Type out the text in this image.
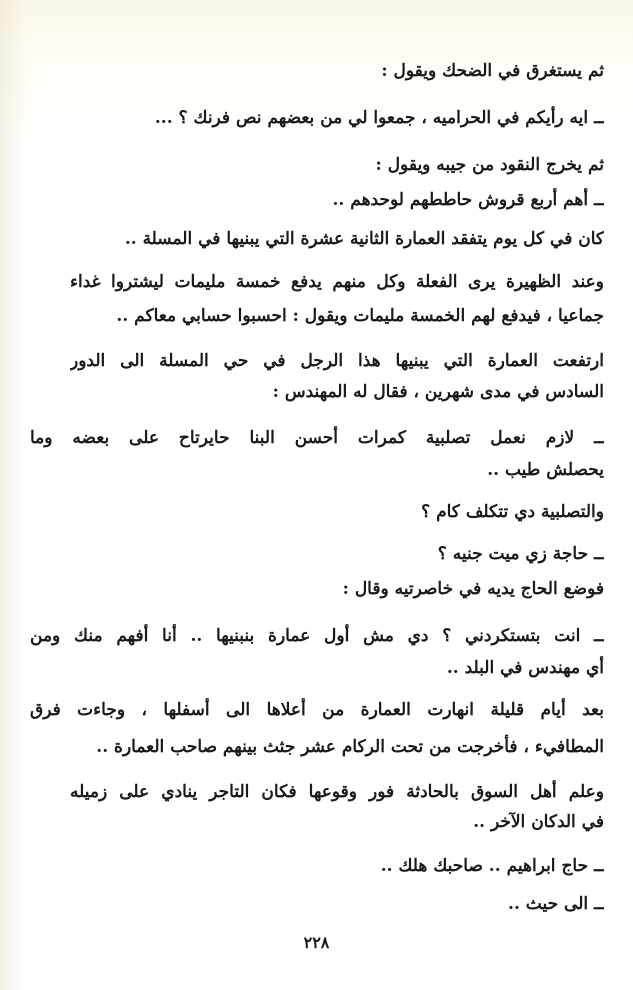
ثم يستغرق في الضحك ويقول :
ــ ايه رأيكم في الحراميه ، جمعوا لي من بعضهم نص فرنك ؟ ...
ثم يخرج النقود من جيبه ويقول :
ــ أهم أربع قروش حاططهم لوحدهم ..
كان في كل يوم يتفقد العمارة الثانية عشرة التي يبنيها في المسلة ..
وعند الظهيرة يرى الفعلة وكل منهم يدفع خمسة مليمات ليشتروا غداء
جماعيا ، فيدفع لهم الخمسة مليمات ويقول : احسبوا حسابي معاكم ..
ارتفعت العمارة التي يبنيها هذا الرجل في حي المسلة الى الدور
السادس في مدى شهرين ، فقال له المهندس :
ــ لازم نعمل تصلبية كمرات أحسن البنا حايرتاح على بعضه وما
يحصلش طيب ..
والتصلبية دي تتكلف كام ؟
ــ حاجة زي ميت جنيه ؟
فوضع الحاج يديه في خاصرتيه وقال :
ــ انت بتستكردني ؟ دي مش أول عمارة بنبنيها .. أنا أفهم منك ومن
أي مهندس في البلد ..
بعد أيام قليلة انهارت العمارة من أعلاها الى أسفلها ، وجاءت فرق
المطافيء ، فأخرجت من تحت الركام عشر جثث بينهم صاحب العمارة ..
وعلم أهل السوق بالحادثة فور وقوعها فكان التاجر ينادي على زميله
في الدكان الآخر ..
ــ حاج ابراهيم .. صاحبك هلك ..
ــ الى حيث ..
٢٢٨
